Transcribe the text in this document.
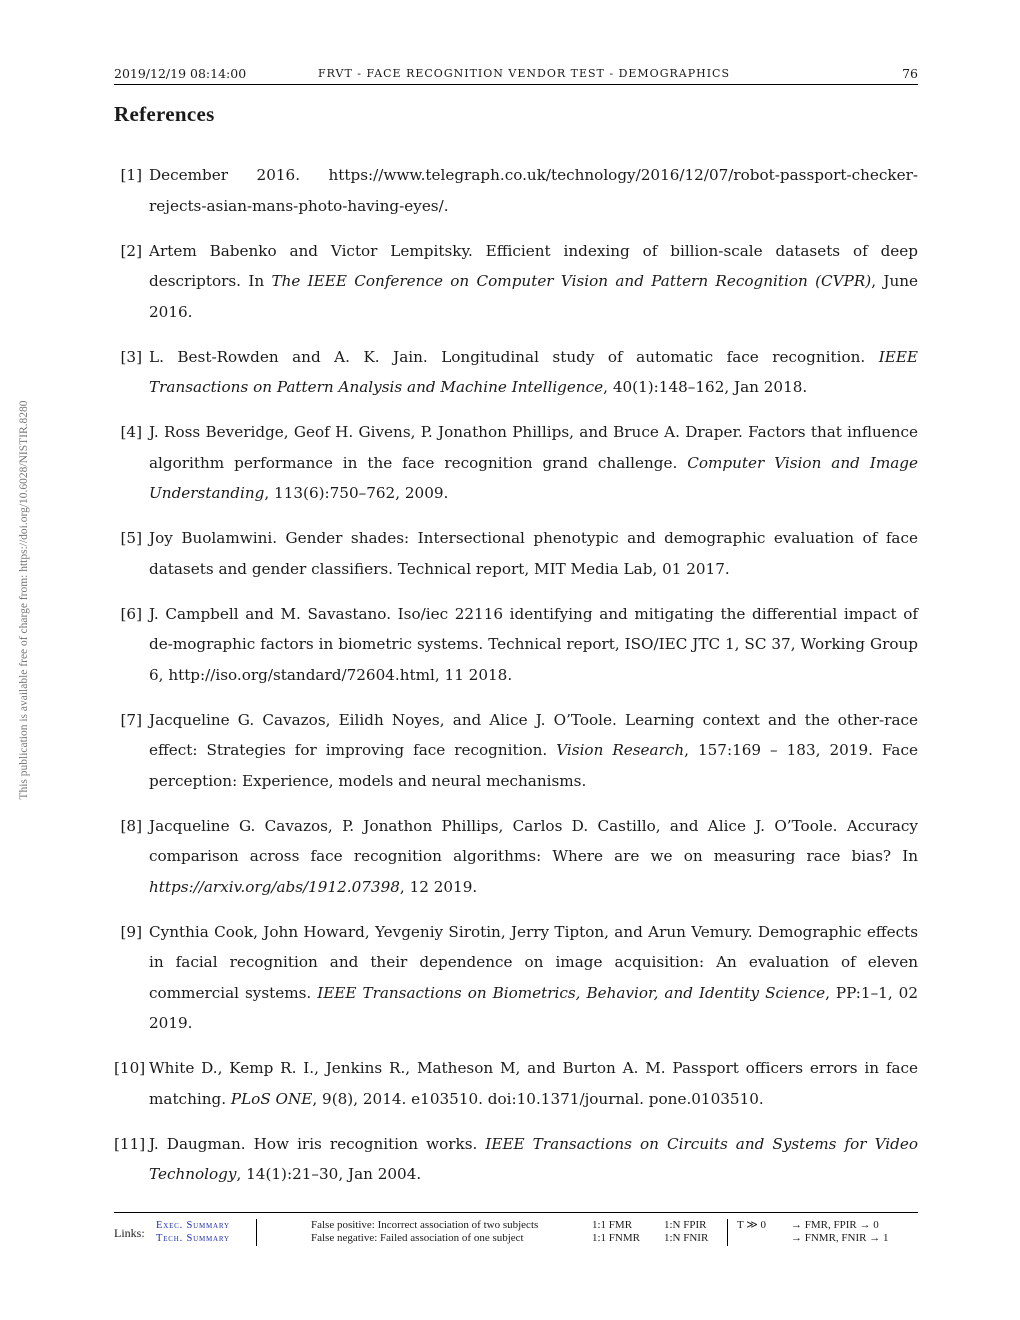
2019/12/19 08:14:00	FRVT - FACE RECOGNITION VENDOR TEST - DEMOGRAPHICS	76
References
[1] December 2016. https://www.telegraph.co.uk/technology/2016/12/07/robot-passport-checker-rejects-asian-mans-photo-having-eyes/.
[2] Artem Babenko and Victor Lempitsky. Efficient indexing of billion-scale datasets of deep descriptors. In The IEEE Conference on Computer Vision and Pattern Recognition (CVPR), June 2016.
[3] L. Best-Rowden and A. K. Jain. Longitudinal study of automatic face recognition. IEEE Transactions on Pattern Analysis and Machine Intelligence, 40(1):148–162, Jan 2018.
[4] J. Ross Beveridge, Geof H. Givens, P. Jonathon Phillips, and Bruce A. Draper. Factors that influence algorithm performance in the face recognition grand challenge. Computer Vision and Image Understanding, 113(6):750–762, 2009.
[5] Joy Buolamwini. Gender shades: Intersectional phenotypic and demographic evaluation of face datasets and gender classifiers. Technical report, MIT Media Lab, 01 2017.
[6] J. Campbell and M. Savastano. Iso/iec 22116 identifying and mitigating the differential impact of de-mographic factors in biometric systems. Technical report, ISO/IEC JTC 1, SC 37, Working Group 6, http://iso.org/standard/72604.html, 11 2018.
[7] Jacqueline G. Cavazos, Eilidh Noyes, and Alice J. O’Toole. Learning context and the other-race effect: Strategies for improving face recognition. Vision Research, 157:169 – 183, 2019. Face perception: Experience, models and neural mechanisms.
[8] Jacqueline G. Cavazos, P. Jonathon Phillips, Carlos D. Castillo, and Alice J. O’Toole. Accuracy comparison across face recognition algorithms: Where are we on measuring race bias? In https://arxiv.org/abs/1912.07398, 12 2019.
[9] Cynthia Cook, John Howard, Yevgeniy Sirotin, Jerry Tipton, and Arun Vemury. Demographic effects in facial recognition and their dependence on image acquisition: An evaluation of eleven commercial systems. IEEE Transactions on Biometrics, Behavior, and Identity Science, PP:1–1, 02 2019.
[10] White D., Kemp R. I., Jenkins R., Matheson M, and Burton A. M. Passport officers errors in face matching. PLoS ONE, 9(8), 2014. e103510. doi:10.1371/journal. pone.0103510.
[11] J. Daugman. How iris recognition works. IEEE Transactions on Circuits and Systems for Video Technology, 14(1):21–30, Jan 2004.
This publication is available free of charge from: https://doi.org/10.6028/NISTIR.8280
Links:
Exec. Summary
Tech. Summary
False positive: Incorrect association of two subjects
False negative: Failed association of one subject
1:1 FMR
1:1 FNMR
1:N FPIR
1:N FNIR
T ≫ 0 → FMR, FPIR → 0
→ FNMR, FNIR → 1
